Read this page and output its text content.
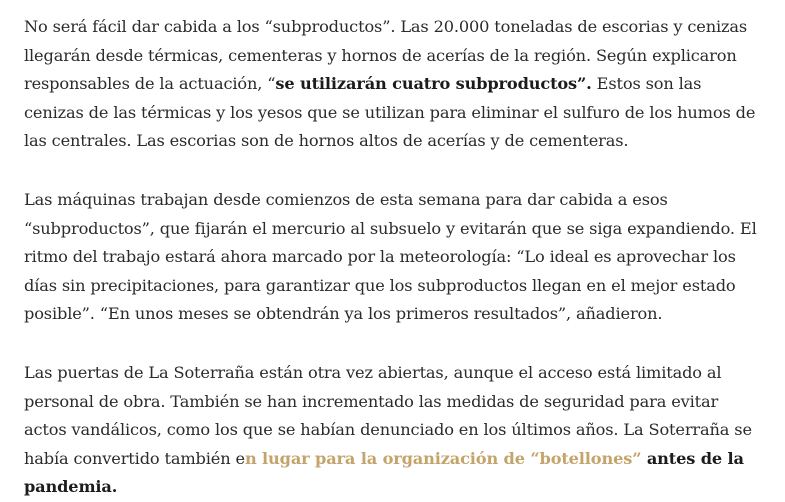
No será fácil dar cabida a los “subproductos”. Las 20.000 toneladas de escorias y cenizas llegarán desde térmicas, cementeras y hornos de acerías de la región. Según explicaron responsables de la actuación, “se utilizarán cuatro subproductos”. Estos son las cenizas de las térmicas y los yesos que se utilizan para eliminar el sulfuro de los humos de las centrales. Las escorias son de hornos altos de acerías y de cementeras.

Las máquinas trabajan desde comienzos de esta semana para dar cabida a esos “subproductos”, que fijarán el mercurio al subsuelo y evitarán que se siga expandiendo. El ritmo del trabajo estará ahora marcado por la meteorología: “Lo ideal es aprovechar los días sin precipitaciones, para garantizar que los subproductos llegan en el mejor estado posible”. “En unos meses se obtendrán ya los primeros resultados”, añadieron.

Las puertas de La Soterraña están otra vez abiertas, aunque el acceso está limitado al personal de obra. También se han incrementado las medidas de seguridad para evitar actos vandálicos, como los que se habían denunciado en los últimos años. La Soterraña se había convertido también en lugar para la organización de “botellones” antes de la pandemia.
